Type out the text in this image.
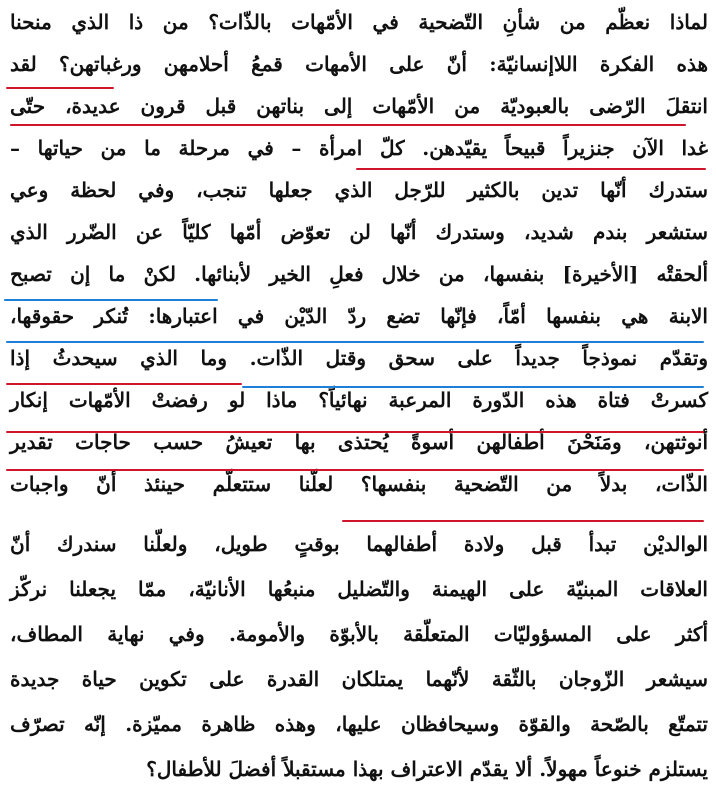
لماذا نعظّم من شأنِ التّضحية في الأمّهات بالذّات؟ من ذا الذي منحنا
هذه الفكرة اللاإنسانيّة: أنّ على الأمهات قمعُ أحلامهن ورغباتهن؟ لقد
انتقلَ الرّضى بالعبوديّة من الأمّهات إلى بناتهن قبل قرون عديدة، حتّى
غدا الآن جنزيراً قبيحاً يقيّدهن. كلّ امرأة – في مرحلة ما من حياتها –
ستدرك أنّها تدين بالكثير للرّجل الذي جعلها تنجب، وفي لحظة وعي
ستشعر بندم شديد، وستدرك أنّها لن تعوّض أمّها كليّاً عن الضّرر الذي
ألحقتْه [الأخيرة] بنفسها، من خلال فعلِ الخير لأبنائها. لكنْ ما إن تصبح
الابنة هي بنفسها أمّاً، فإنّها تضع ردّ الدّيْن في اعتبارها: تُنكر حقوقها،
وتقدّم نموذجاً جديداً على سحق وقتل الذّات. وما الذي سيحدثُ إذا
كسرتْ فتاة هذه الدّورة المرعبة نهائياً؟ ماذا لو رفضتْ الأمّهات إنكار
أنوثتهن، ومَنَحْنَ أطفالهن أسوةً يُحتذى بها تعيشُ حسب حاجات تقدير
الذّات، بدلاً من التّضحية بنفسها؟ لعلّنا ستتعلّم حينئذ أنّ واجبات
الوالديْن تبدأ قبل ولادة أطفالهما بوقتٍ طويل، ولعلّنا سندرك أنّ
العلاقات المبنيّة على الهيمنة والتّضليل منبعُها الأنانيّة، ممّا يجعلنا نركّز
أكثر على المسؤوليّات المتعلّقة بالأبوّة والأمومة. وفي نهاية المطاف،
سيشعر الزّوجان بالثّقة لأنّهما يمتلكان القدرة على تكوين حياة جديدة
تتمتّع بالصّحة والقوّة وسيحافظان عليها، وهذه ظاهرة مميّزة. إنّه تصرّف
يستلزم خنوعاً مهولاً. ألا يقدّم الاعتراف بهذا مستقبلاً أفضلَ للأطفال؟
